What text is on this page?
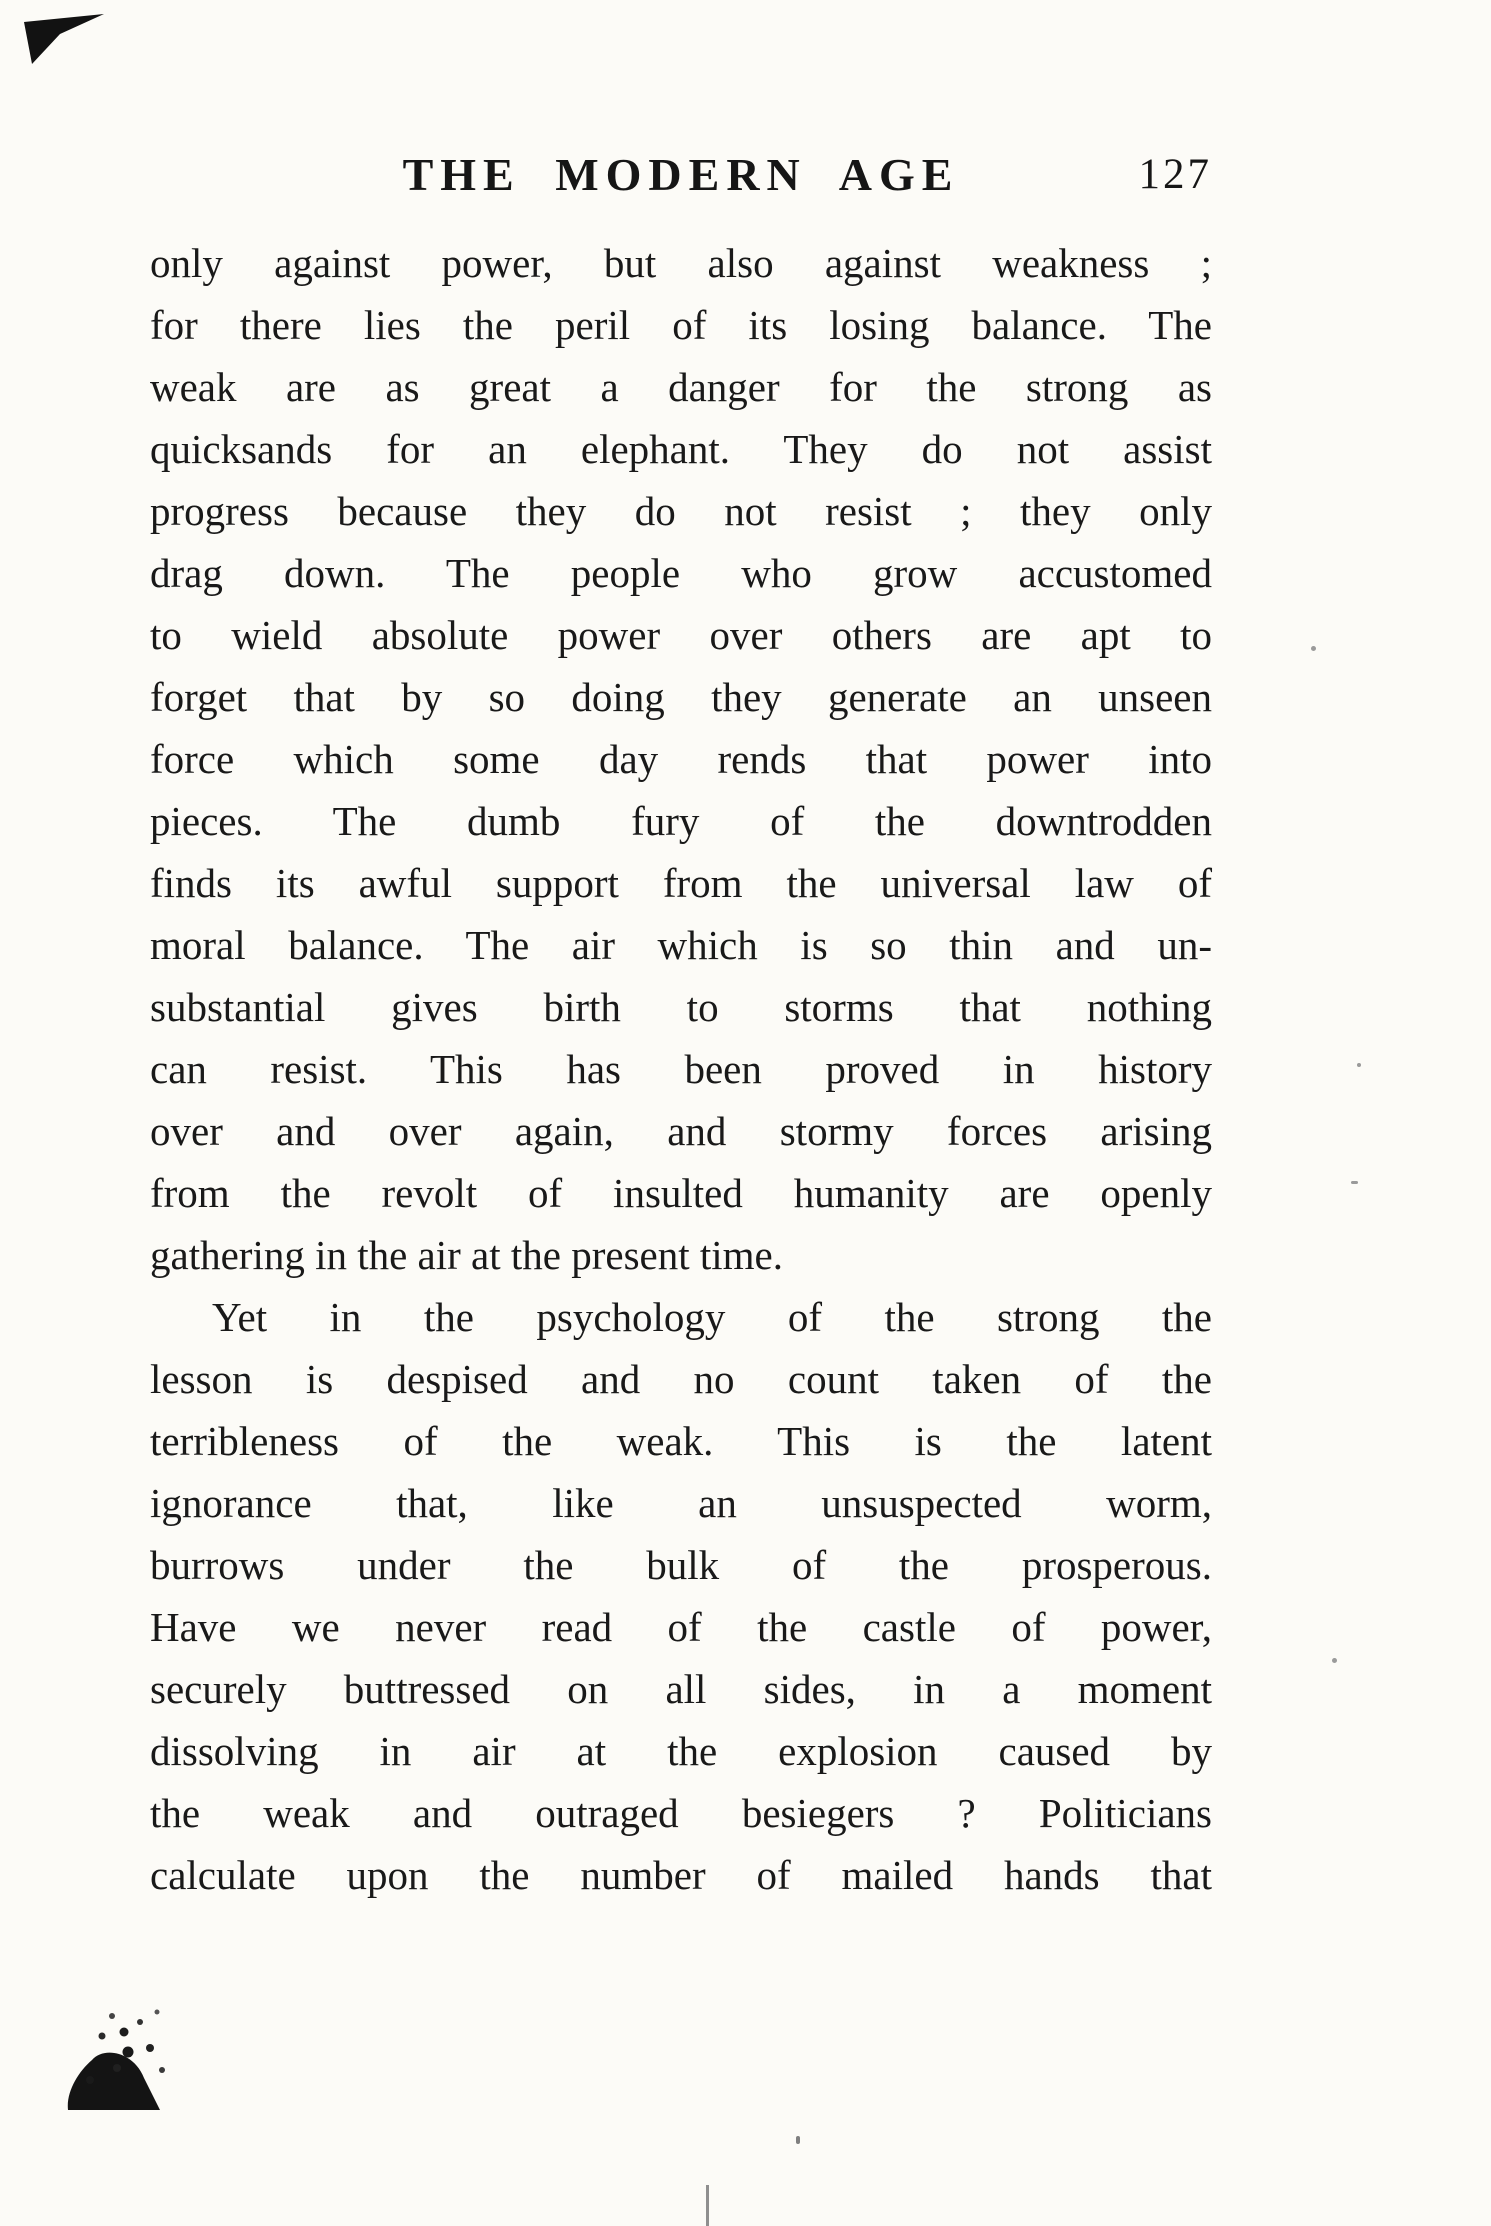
THE MODERN AGE	127
only against power, but also against weakness ;
for there lies the peril of its losing balance. The
weak are as great a danger for the strong as
quicksands for an elephant. They do not assist
progress because they do not resist ; they only
drag down. The people who grow accustomed
to wield absolute power over others are apt to
forget that by so doing they generate an unseen
force which some day rends that power into
pieces. The dumb fury of the downtrodden
finds its awful support from the universal law of
moral balance. The air which is so thin and un-
substantial gives birth to storms that nothing
can resist. This has been proved in history
over and over again, and stormy forces arising
from the revolt of insulted humanity are openly
gathering in the air at the present time.
Yet in the psychology of the strong the
lesson is despised and no count taken of the
terribleness of the weak. This is the latent
ignorance that, like an unsuspected worm,
burrows under the bulk of the prosperous.
Have we never read of the castle of power,
securely buttressed on all sides, in a moment
dissolving in air at the explosion caused by
the weak and outraged besiegers ? Politicians
calculate upon the number of mailed hands that
